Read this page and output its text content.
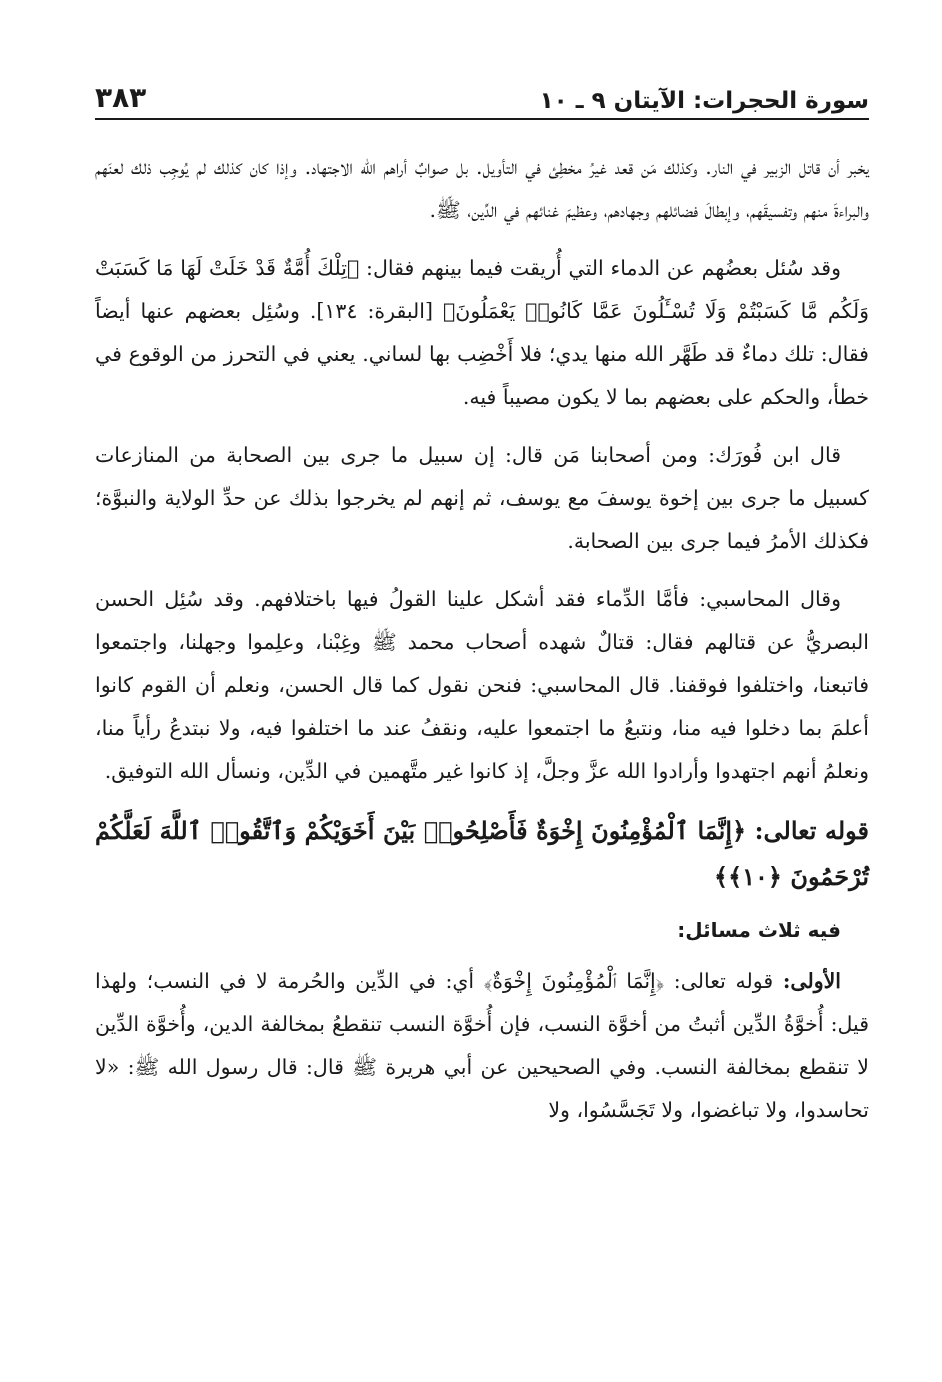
سورة الحجرات: الآيتان ٩ ـ ١٠
٣٨٣

يخبر أن قاتل الزبير في النار. وكذلك مَن قعد غيرُ مخطِئ في التأويل. بل صوابٌ أراهم الله الاجتهاد. وإذا كان كذلك لم يُوجِب ذلك لعنَهم والبراءةَ منهم وتفسيقَهم، وإبطالَ فضائلهم وجهادهم، وعظيمَ غنائهم في الدِّين، ﷺ.

وقد سُئل بعضُهم عن الدماء التي أُريقت فيما بينهم فقال: ﴿تِلْكَ أُمَّةٌ قَدْ خَلَتْ لَهَا مَا كَسَبَتْ وَلَكُم مَّا كَسَبْتُمْ وَلَا تُسْـَٔلُونَ عَمَّا كَانُوا۟ يَعْمَلُونَ﴾ [البقرة: ١٣٤]. وسُئِل بعضهم عنها أيضاً فقال: تلك دماءٌ قد طَهَّر الله منها يدي؛ فلا أَخْضِب بها لساني. يعني في التحرز من الوقوع في خطأ، والحكم على بعضهم بما لا يكون مصيباً فيه.

قال ابن فُورَك: ومن أصحابنا مَن قال: إن سبيل ما جرى بين الصحابة من المنازعات كسبيل ما جرى بين إخوة يوسفَ مع يوسف، ثم إنهم لم يخرجوا بذلك عن حدِّ الولاية والنبوَّة؛ فكذلك الأمرُ فيما جرى بين الصحابة.

وقال المحاسبي: فأمَّا الدِّماء فقد أشكل علينا القولُ فيها باختلافهم. وقد سُئِل الحسن البصريُّ عن قتالهم فقال: قتالٌ شهده أصحاب محمد ﷺ وغِبْنا، وعلِموا وجهلنا، واجتمعوا فاتبعنا، واختلفوا فوقفنا. قال المحاسبي: فنحن نقول كما قال الحسن، ونعلم أن القوم كانوا أعلمَ بما دخلوا فيه منا، ونتبعُ ما اجتمعوا عليه، ونقفُ عند ما اختلفوا فيه، ولا نبتدعُ رأياً منا، ونعلمُ أنهم اجتهدوا وأرادوا الله عزَّ وجلَّ، إذ كانوا غير متَّهمين في الدِّين، ونسأل الله التوفيق.

قوله تعالى: ﴿إِنَّمَا ٱلْمُؤْمِنُونَ إِخْوَةٌ فَأَصْلِحُوا۟ بَيْنَ أَخَوَيْكُمْ وَٱتَّقُوا۟ ٱللَّهَ لَعَلَّكُمْ تُرْحَمُونَ ﴿١٠﴾﴾
فيه ثلاث مسائل:

الأولى: قوله تعالى: ﴿إِنَّمَا ٱلْمُؤْمِنُونَ إِخْوَةٌ﴾ أي: في الدِّين والحُرمة لا في النسب؛ ولهذا قيل: أُخوَّةُ الدِّين أثبتُ من أخوَّة النسب، فإن أُخوَّة النسب تنقطعُ بمخالفة الدين، وأُخوَّة الدِّين لا تنقطع بمخالفة النسب. وفي الصحيحين عن أبي هريرة ﷺ قال: قال رسول الله ﷺ: «لا تحاسدوا، ولا تباغضوا، ولا تَجَسَّسُوا، ولا
